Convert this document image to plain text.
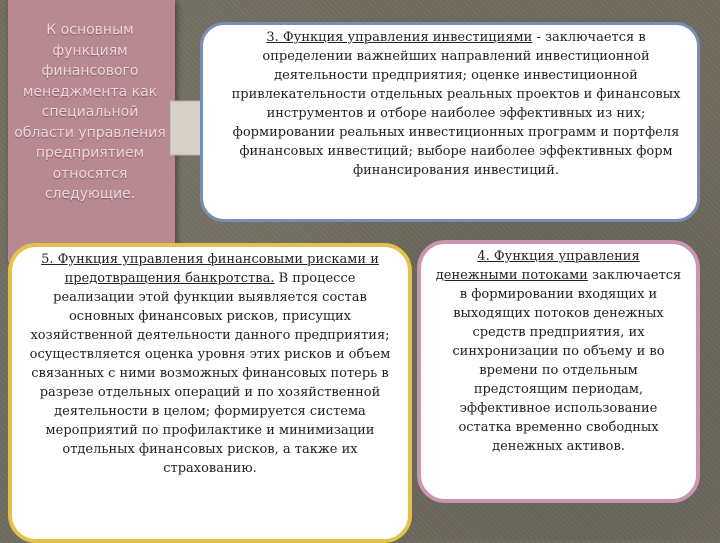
К основным функциям финансового менеджмента как специальной области управления предприятием относятся следующие.
3. Функция управления инвестициями - заключается в определении важнейших направлений инвестиционной деятельности предприятия; оценке инвестиционной привлекательности отдельных реальных проектов и финансовых инструментов и отборе наиболее эффективных из них; формировании реальных инвестиционных программ и портфеля финансовых инвестиций; выборе наиболее эффективных форм финансирования инвестиций.
5. Функция управления финансовыми рисками и предотвращения банкротства. В процессе реализации этой функции выявляется состав основных финансовых рисков, присущих хозяйственной деятельности данного предприятия; осуществляется оценка уровня этих рисков и объем связанных с ними возможных финансовых потерь в разрезе отдельных операций и по хозяйственной деятельности в целом; формируется система мероприятий по профилактике и минимизации отдельных финансовых рисков, а также их страхованию.
4. Функция управления денежными потоками заключается в формировании входящих и выходящих потоков денежных средств предприятия, их синхронизации по объему и во времени по отдельным предстоящим периодам, эффективное использование остатка временно свободных денежных активов.
